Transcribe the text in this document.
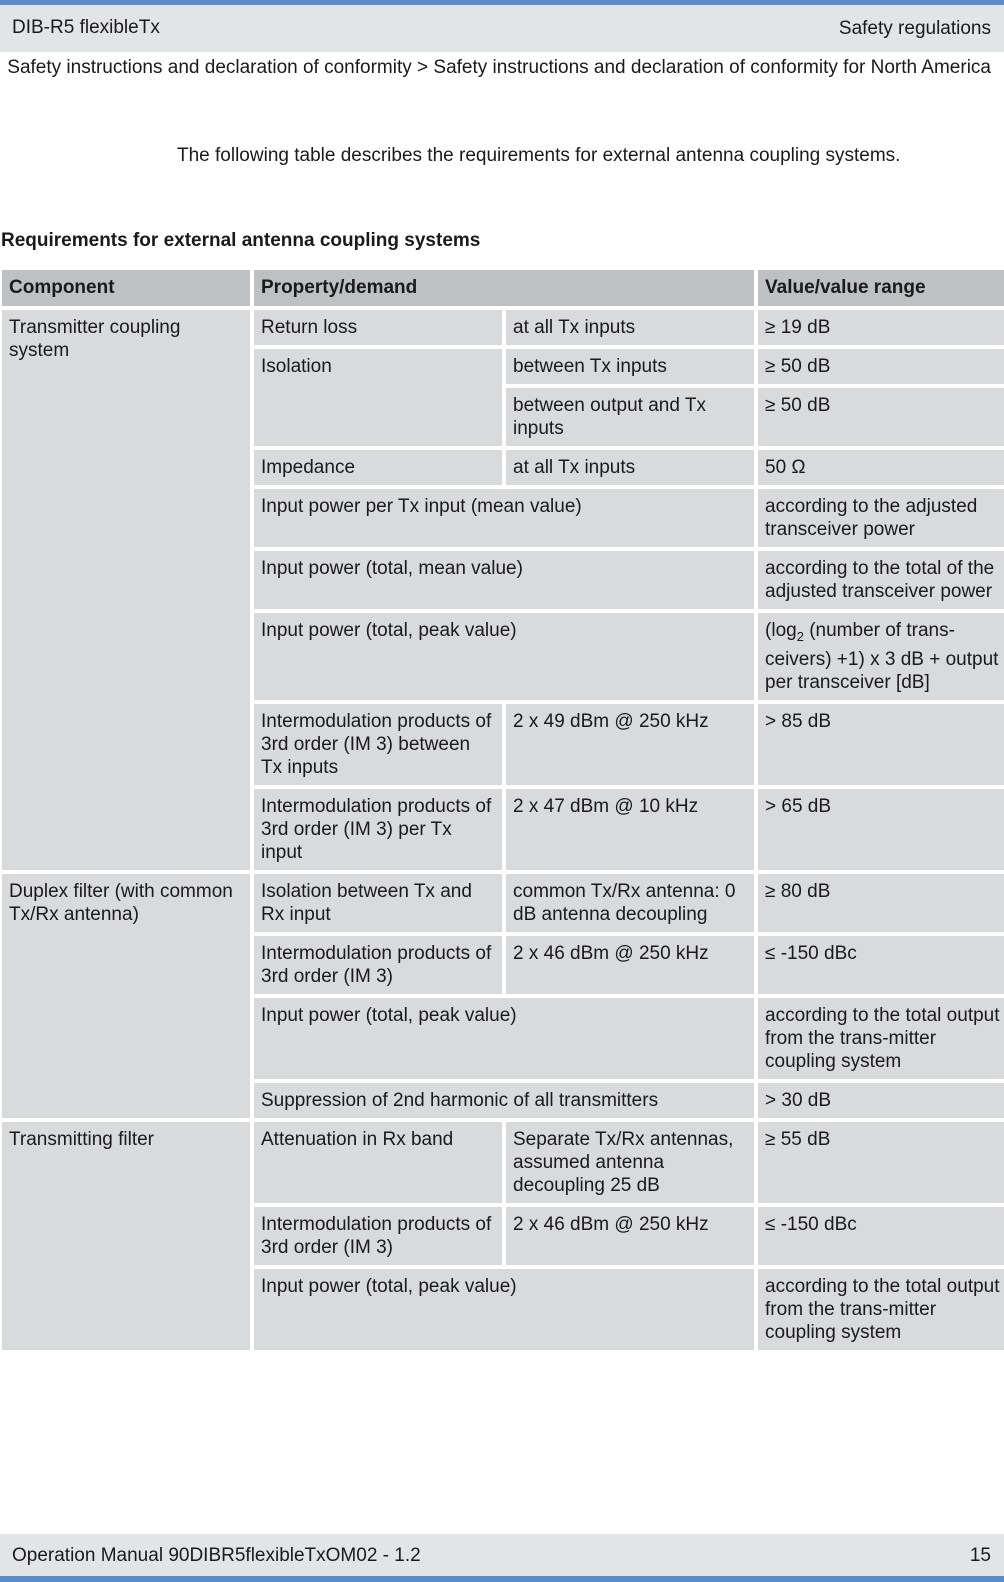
DIB-R5 flexibleTx	Safety regulations
Safety instructions and declaration of conformity > Safety instructions and declaration of conformity for North America
The following table describes the requirements for external antenna coupling systems.
Requirements for external antenna coupling systems
Component	Property/demand		Value/value range
Transmitter coupling system	Return loss	at all Tx inputs	≥ 19 dB
	Isolation	between Tx inputs	≥ 50 dB
		between output and Tx inputs	≥ 50 dB
	Impedance	at all Tx inputs	50 Ω
	Input power per Tx input (mean value)		according to the adjusted transceiver power
	Input power (total, mean value)		according to the total of the adjusted transceiver power
	Input power (total, peak value)		($\log_2$ (number of trans-ceivers) +1) x 3 dB + output per transceiver [dB]
	Intermodulation products of 3rd order (IM 3) between Tx inputs	2 x 49 dBm @ 250 kHz	> 85 dB
	Intermodulation products of 3rd order (IM 3) per Tx input	2 x 47 dBm @ 10 kHz	> 65 dB
Duplex filter (with common Tx/Rx antenna)	Isolation between Tx and Rx input	common Tx/Rx antenna: 0 dB antenna decoupling	≥ 80 dB
	Intermodulation products of 3rd order (IM 3)	2 x 46 dBm @ 250 kHz	≤ -150 dBc
	Input power (total, peak value)		according to the total output from the trans-mitter coupling system
	Suppression of 2nd harmonic of all transmitters		> 30 dB
Transmitting filter	Attenuation in Rx band	Separate Tx/Rx antennas, assumed antenna decoupling 25 dB	≥ 55 dB
	Intermodulation products of 3rd order (IM 3)	2 x 46 dBm @ 250 kHz	≤ -150 dBc
	Input power (total, peak value)		according to the total output from the trans-mitter coupling system
Operation Manual 90DIBR5flexibleTxOM02 - 1.2	15
